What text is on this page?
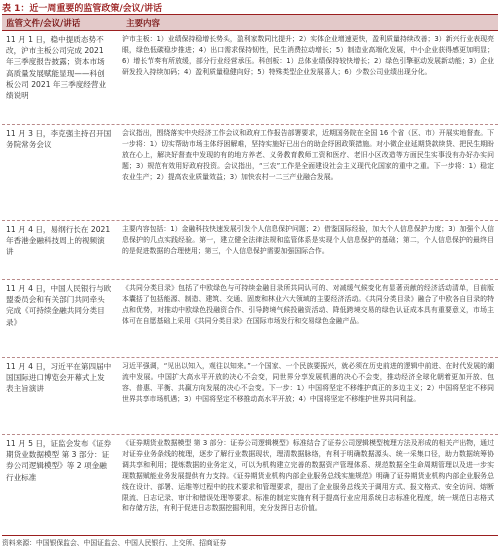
表 1：近一周重要的监管政策/会议/讲话
监管文件/会议/讲话	主要内容
11 月 1 日，稳中提质态势不改，沪市主板公司完成 2021 年三季度报告披露；资本市场高质量发展赋能显现——科创板公司 2021 年三季度经营业绩说明
沪市主板：1）业绩保持稳增长势头，盈利家数同比提升；2）实体企业增速更快，盈利质量持续改善；3）新兴行业表现亮眼，绿色低碳稳步推进；4）出口需求保持韧性，民生消费拉动增长；5）制造业高端化发展，中小企业获得感更加明显；6）增长节奏有所放缓，部分行业经营承压。科创板：1）总体业绩保持较快增长；2）绿色引擎驱动发展新动能；3）企业研发投入持续加码；4）盈利质量稳健向好；5）特殊类型企业发展喜人；6）少数公司业绩出现分化。
11 月 3 日，李克强主持召开国务院常务会议
会议指出，围绕落实中央经济工作会议和政府工作报告部署要求，近期国务院在全国 16 个省（区、市）开展实地督查。下一步将：1）切实帮助市场主体纾困解难，坚持实施好已出台的助企纾困政策措施。对小微企业延期贷款续贷、把民生期盼放在心上，解决好督查中发现的有的地方养老、义务教育教师工资和医疗、老旧小区改造等方面民生实事没有办好办实问题；3）规范有效用好政府投资。会议指出，“三农”工作是全面建设社会主义现代化国家的重中之重。下一步将：1）稳定农业生产；2）提高农业质量效益；3）加快农村一二三产业融合发展。
11 月 4 日，易纲行长在 2021 年香港金融科技周上的视频演讲
主要内容包括：1）金融科技快速发展引发个人信息保护问题；2）借鉴国际经验，加大个人信息保护力度；3）加强个人信息保护的几点实践经验。第一，建立健全法律法规和监管体系是实现个人信息保护的基础；第二，个人信息保护的最终目的是促进数据的合理使用；第三，个人信息保护需要加强国际合作。
11 月 4 日，中国人民银行与欧盟委员会和有关部门共同牵头完成《可持续金融共同分类目录》
《共同分类目录》包括了中欧绿色与可持续金融目录所共同认可的、对减缓气候变化有显著贡献的经济活动清单，目前版本囊括了包括能源、制造、建筑、交通、固废和林业六大领域的主要经济活动。《共同分类目录》融合了中欧各自目录的特点和优势，对推动中欧绿色投融资合作、引导跨境气候投融资活动、降低跨境交易的绿色认证成本具有重要意义，市场主体可在自愿基础上采用《共同分类目录》在国际市场发行和交易绿色金融产品。
11 月 4 日，习近平在第四届中国国际进口博览会开幕式上发表主旨演讲
习近平强调，“见出以知入，观往以知来。”一个国家、一个民族要振兴，就必须在历史前进的逻辑中前进、在时代发展的潮流中发展。中国扩大高水平开放的决心不会变，同世界分享发展机遇的决心不会变，推动经济全球化朝着更加开放、包容、普惠、平衡、共赢方向发展的决心不会变。下一步：1）中国将坚定不移维护真正的多边主义；2）中国将坚定不移同世界共享市场机遇；3）中国将坚定不移推动高水平开放；4）中国将坚定不移维护世界共同利益。
11 月 5 日，证监会发布《证券期货业数据模型 第 3 部分：证券公司逻辑模型》等 2 项金融行业标准
《证券期货业数据模型 第 3 部分：证券公司逻辑模型》标准结合了证券公司逻辑模型梳理方法及形成的相关产出物，通过对证券业务条线的梳理，逐步了解行业数据现状，理清数据脉络，有利于明确数据源头、统一采集口径，助力数据统筹协调共享和利用；提炼数据的业务定义，可以为机构建立完善的数据资产管理体系、规范数据全生命周期管理以及进一步实现数据赋能业务发展提供有力支持。《证券期货业机构内部企业服务总线实施规范》明确了证券期货业机构内部企业服务总线在设计、部署、运维等过程中的技术要求和管理要求，提出了企业服务总线关于调用方式、报文格式、安全访问、熔断限流、日志记录、审计和错误处理等要求。标准的制定实施有利于提高行业应用系统日志标准化程度，统一规范日志格式和存储方法，有利于促进日志数据挖掘利用，充分发挥日志价值。
资料来源：中国银保监会、中国证监会、中国人民银行、上交所、招商证券
